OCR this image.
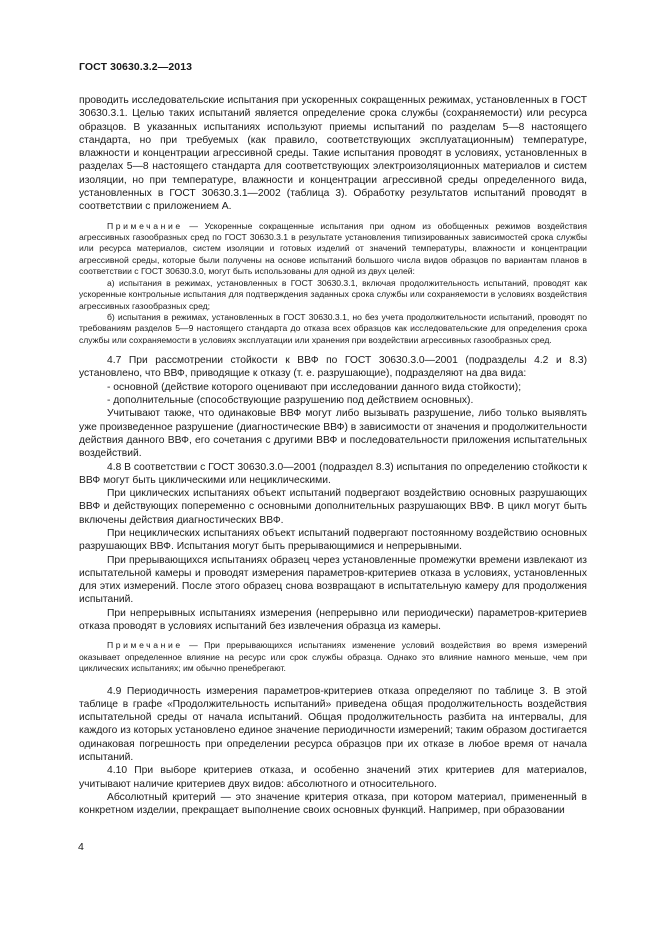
ГОСТ 30630.3.2—2013

проводить исследовательские испытания при ускоренных сокращенных режимах, установленных в ГОСТ 30630.3.1. Целью таких испытаний является определение срока службы (сохраняемости) или ресурса образцов. В указанных испытаниях используют приемы испытаний по разделам 5—8 настоящего стандарта, но при требуемых (как правило, соответствующих эксплуатационным) температуре, влажности и концентрации агрессивной среды. Такие испытания проводят в условиях, установленных в разделах 5—8 настоящего стандарта для соответствующих электроизоляционных материалов и систем изоляции, но при температуре, влажности и концентрации агрессивной среды определенного вида, установленных в ГОСТ 30630.3.1—2002 (таблица 3). Обработку результатов испытаний проводят в соответствии с приложением А.

Примечание — Ускоренные сокращенные испытания при одном из обобщенных режимов воздействия агрессивных газообразных сред по ГОСТ 30630.3.1 в результате установления типизированных зависимостей срока службы или ресурса материалов, систем изоляции и готовых изделий от значений температуры, влажности и концентрации агрессивной среды, которые были получены на основе испытаний большого числа видов образцов по вариантам планов в соответствии с ГОСТ 30630.3.0, могут быть использованы для одной из двух целей:

а) испытания в режимах, установленных в ГОСТ 30630.3.1, включая продолжительность испытаний, проводят как ускоренные контрольные испытания для подтверждения заданных срока службы или сохраняемости в условиях воздействия агрессивных газообразных сред;

б) испытания в режимах, установленных в ГОСТ 30630.3.1, но без учета продолжительности испытаний, проводят по требованиям разделов 5—9 настоящего стандарта до отказа всех образцов как исследовательские для определения срока службы или сохраняемости в условиях эксплуатации или хранения при воздействии агрессивных газообразных сред.

4.7 При рассмотрении стойкости к ВВФ по ГОСТ 30630.3.0—2001 (подразделы 4.2 и 8.3) установлено, что ВВФ, приводящие к отказу (т. е. разрушающие), подразделяют на два вида:

- основной (действие которого оценивают при исследовании данного вида стойкости);

- дополнительные (способствующие разрушению под действием основных).

Учитывают также, что одинаковые ВВФ могут либо вызывать разрушение, либо только выявлять уже произведенное разрушение (диагностические ВВФ) в зависимости от значения и продолжительности действия данного ВВФ, его сочетания с другими ВВФ и последовательности приложения испытательных воздействий.

4.8 В соответствии с ГОСТ 30630.3.0—2001 (подраздел 8.3) испытания по определению стойкости к ВВФ могут быть циклическими или нециклическими.

При циклических испытаниях объект испытаний подвергают воздействию основных разрушающих ВВФ и действующих попеременно с основными дополнительных разрушающих ВВФ. В цикл могут быть включены действия диагностических ВВФ.

При нециклических испытаниях объект испытаний подвергают постоянному воздействию основных разрушающих ВВФ. Испытания могут быть прерывающимися и непрерывными.

При прерывающихся испытаниях образец через установленные промежутки времени извлекают из испытательной камеры и проводят измерения параметров-критериев отказа в условиях, установленных для этих измерений. После этого образец снова возвращают в испытательную камеру для продолжения испытаний.

При непрерывных испытаниях измерения (непрерывно или периодически) параметров-критериев отказа проводят в условиях испытаний без извлечения образца из камеры.

Примечание — При прерывающихся испытаниях изменение условий воздействия во время измерений оказывает определенное влияние на ресурс или срок службы образца. Однако это влияние намного меньше, чем при циклических испытаниях; им обычно пренебрегают.

4.9 Периодичность измерения параметров-критериев отказа определяют по таблице 3. В этой таблице в графе «Продолжительность испытаний» приведена общая продолжительность воздействия испытательной среды от начала испытаний. Общая продолжительность разбита на интервалы, для каждого из которых установлено единое значение периодичности измерений; таким образом достигается одинаковая погрешность при определении ресурса образцов при их отказе в любое время от начала испытаний.

4.10 При выборе критериев отказа, и особенно значений этих критериев для материалов, учитывают наличие критериев двух видов: абсолютного и относительного.

Абсолютный критерий — это значение критерия отказа, при котором материал, примененный в конкретном изделии, прекращает выполнение своих основных функций. Например, при образовании

4
